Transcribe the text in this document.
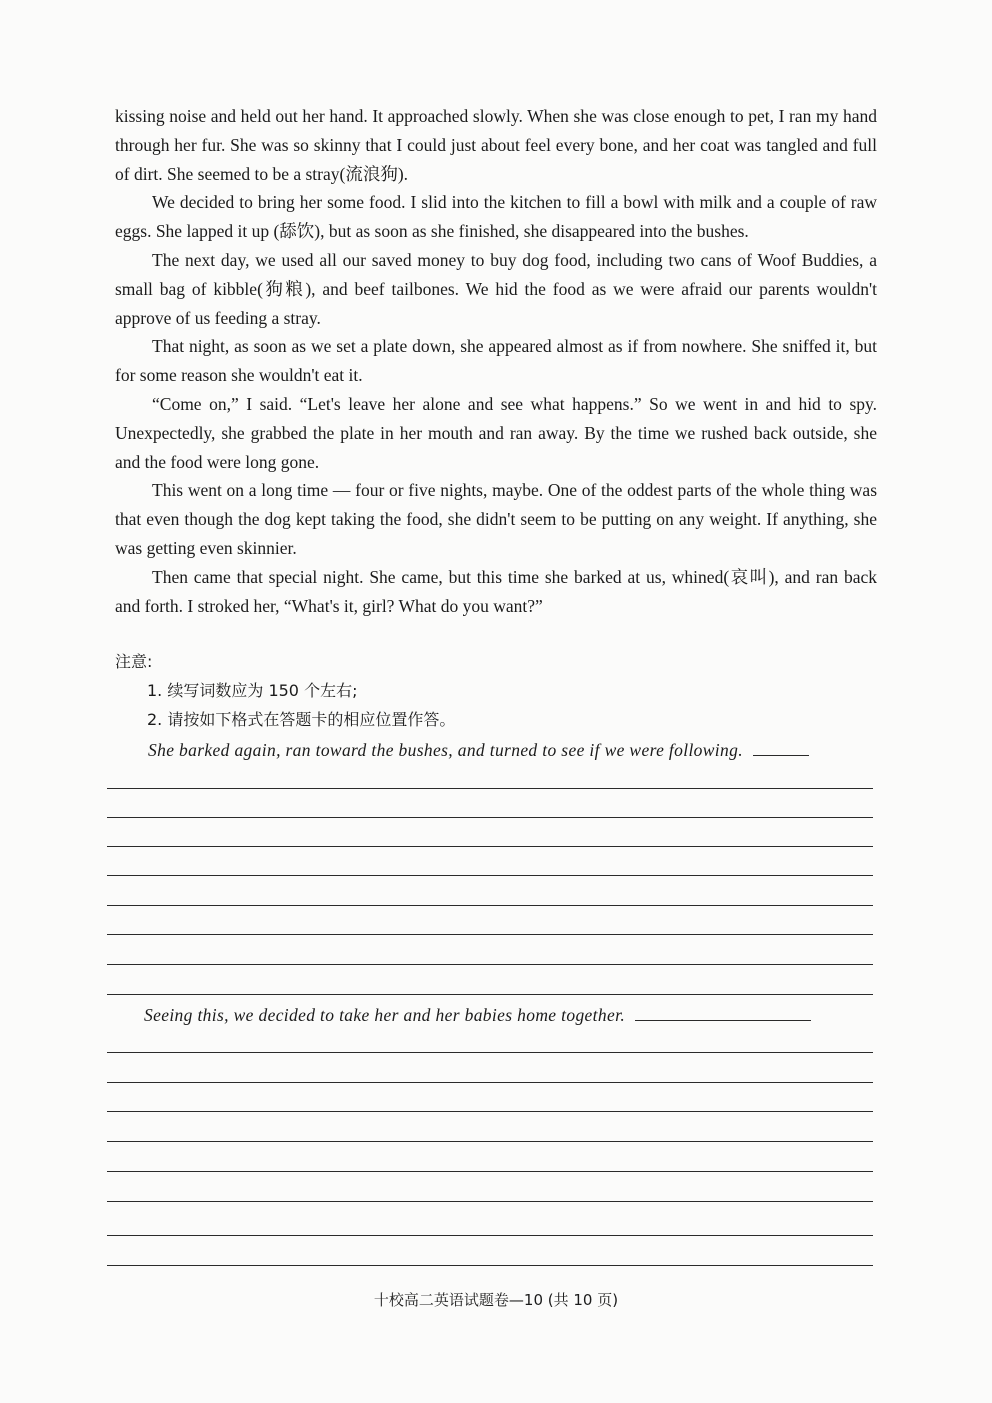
kissing noise and held out her hand. It approached slowly. When she was close enough to pet, I ran my hand through her fur. She was so skinny that I could just about feel every bone, and her coat was tangled and full of dirt. She seemed to be a stray(流浪狗).

We decided to bring her some food. I slid into the kitchen to fill a bowl with milk and a couple of raw eggs. She lapped it up (舔饮), but as soon as she finished, she disappeared into the bushes.

The next day, we used all our saved money to buy dog food, including two cans of Woof Buddies, a small bag of kibble(狗粮), and beef tailbones. We hid the food as we were afraid our parents wouldn't approve of us feeding a stray.

That night, as soon as we set a plate down, she appeared almost as if from nowhere. She sniffed it, but for some reason she wouldn't eat it.

“Come on,” I said. “Let's leave her alone and see what happens.” So we went in and hid to spy. Unexpectedly, she grabbed the plate in her mouth and ran away. By the time we rushed back outside, she and the food were long gone.

This went on a long time — four or five nights, maybe. One of the oddest parts of the whole thing was that even though the dog kept taking the food, she didn't seem to be putting on any weight. If anything, she was getting even skinnier.

Then came that special night. She came, but this time she barked at us, whined(哀叫), and ran back and forth. I stroked her, “What's it, girl? What do you want?”

注意:
1. 续写词数应为 150 个左右;
2. 请按如下格式在答题卡的相应位置作答。
She barked again, ran toward the bushes, and turned to see if we were following.
Seeing this, we decided to take her and her babies home together.
十校高二英语试题卷—10 (共 10 页)
